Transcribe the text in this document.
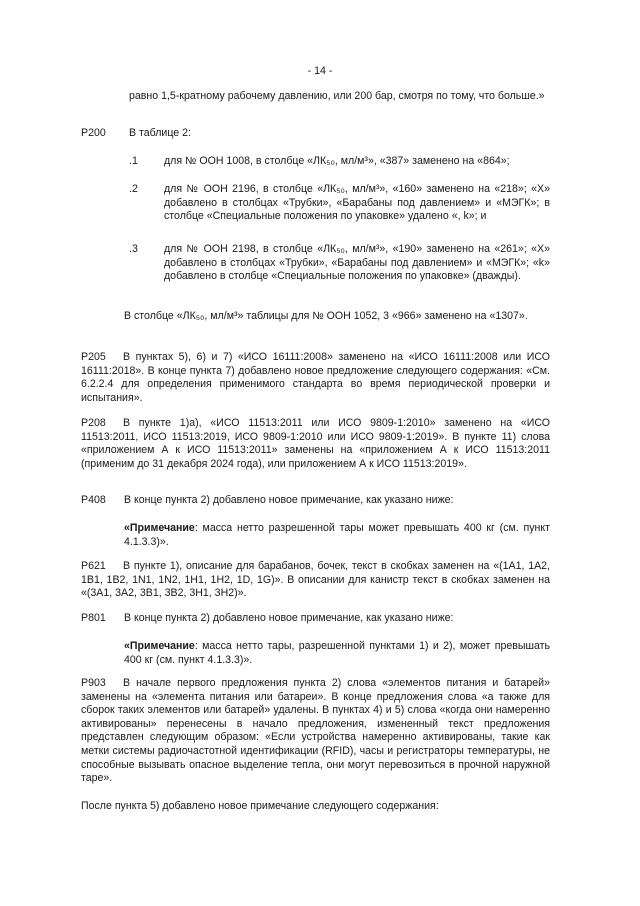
- 14 -
равно 1,5-кратному рабочему давлению, или 200 бар, смотря по тому, что больше.»
P200 В таблице 2:
.1 для № ООН 1008, в столбце «ЛК₅₀, мл/м³», «387» заменено на «864»;
.2 для № ООН 2196, в столбце «ЛК₅₀, мл/м³», «160» заменено на «218»; «X» добавлено в столбцах «Трубки», «Барабаны под давлением» и «МЭГК»; в столбце «Специальные положения по упаковке» удалено «, k»; и
.3 для № ООН 2198, в столбце «ЛК₅₀, мл/м³», «190» заменено на «261»; «X» добавлено в столбцах «Трубки», «Барабаны под давлением» и «МЭГК»; «k» добавлено в столбце «Специальные положения по упаковке» (дважды).
В столбце «ЛК₅₀, мл/м³» таблицы для № ООН 1052, 3 «966» заменено на «1307».
P205	В пунктах 5), 6) и 7) «ИСО 16111:2008» заменено на «ИСО 16111:2008 или ИСО 16111:2018». В конце пункта 7) добавлено новое предложение следующего содержания: «См. 6.2.2.4 для определения применимого стандарта во время периодической проверки и испытания».
P208	В пункте 1)a), «ИСО 11513:2011 или ИСО 9809-1:2010» заменено на «ИСО 11513:2011, ИСО 11513:2019, ИСО 9809-1:2010 или ИСО 9809-1:2019». В пункте 11) слова «приложением А к ИСО 11513:2011» заменены на «приложением А к ИСО 11513:2011 (применим до 31 декабря 2024 года), или приложением А к ИСО 11513:2019».
P408 В конце пункта 2) добавлено новое примечание, как указано ниже:
«Примечание: масса нетто разрешенной тары может превышать 400 кг (см. пункт 4.1.3.3)».
P621	В пункте 1), описание для барабанов, бочек, текст в скобках заменен на «(1A1, 1A2, 1B1, 1B2, 1N1, 1N2, 1H1, 1H2, 1D, 1G)». В описании для канистр текст в скобках заменен на «(3A1, 3A2, 3B1, 3B2, 3H1, 3H2)».
P801 В конце пункта 2) добавлено новое примечание, как указано ниже:
«Примечание: масса нетто тары, разрешенной пунктами 1) и 2), может превышать 400 кг (см. пункт 4.1.3.3)».
P903	В начале первого предложения пункта 2) слова «элементов питания и батарей» заменены на «элемента питания или батареи». В конце предложения слова «а также для сборок таких элементов или батарей» удалены. В пунктах 4) и 5) слова «когда они намеренно активированы» перенесены в начало предложения, измененный текст предложения представлен следующим образом: «Если устройства намеренно активированы, такие как метки системы радиочастотной идентификации (RFID), часы и регистраторы температуры, не способные вызывать опасное выделение тепла, они могут перевозиться в прочной наружной таре».
После пункта 5) добавлено новое примечание следующего содержания:
